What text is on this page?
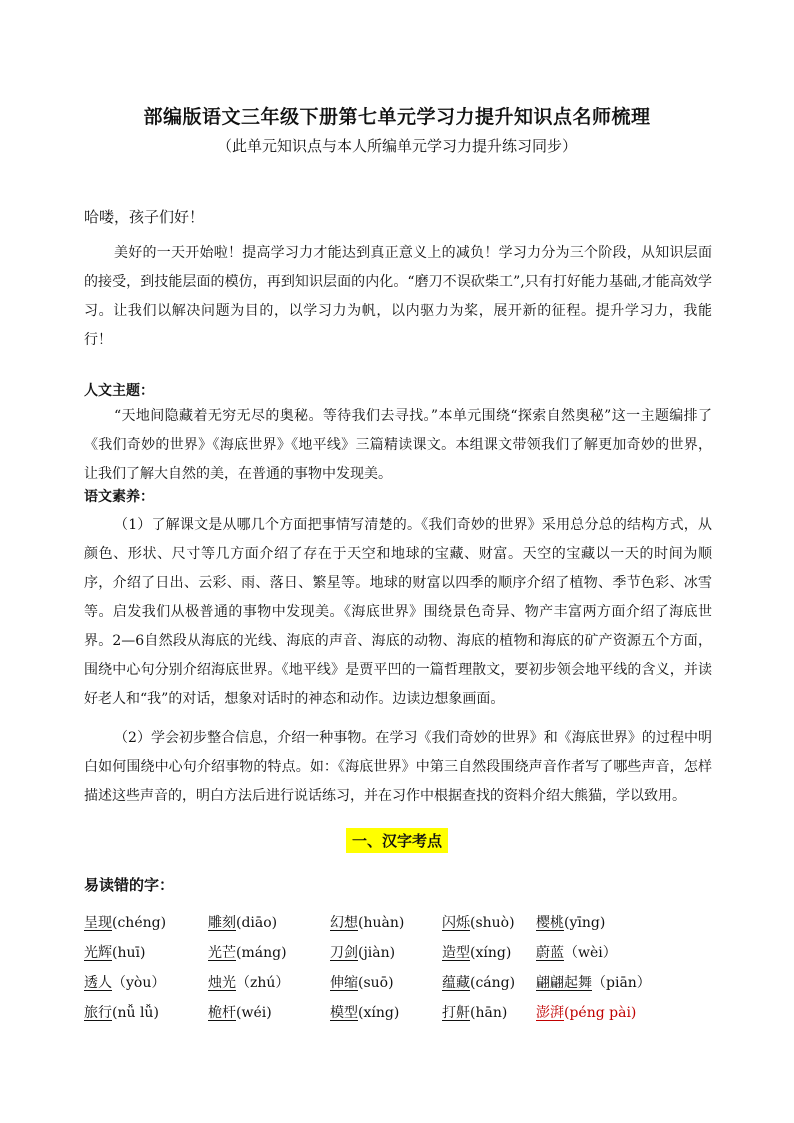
部编版语文三年级下册第七单元学习力提升知识点名师梳理
（此单元知识点与本人所编单元学习力提升练习同步）
哈喽，孩子们好！

美好的一天开始啦！提高学习力才能达到真正意义上的减负！学习力分为三个阶段，从知识层面的接受，到技能层面的模仿，再到知识层面的内化。“磨刀不误砍柴工”,只有打好能力基础,才能高效学习。让我们以解决问题为目的，以学习力为帆，以内驱力为桨，展开新的征程。提升学习力，我能行！

人文主题：

“天地间隐藏着无穷无尽的奥秘。等待我们去寻找。”本单元围绕“探索自然奥秘”这一主题编排了《我们奇妙的世界》《海底世界》《地平线》三篇精读课文。本组课文带领我们了解更加奇妙的世界，让我们了解大自然的美，在普通的事物中发现美。

语文素养：

（1）了解课文是从哪几个方面把事情写清楚的。《我们奇妙的世界》采用总分总的结构方式，从颜色、形状、尺寸等几方面介绍了存在于天空和地球的宝藏、财富。天空的宝藏以一天的时间为顺序，介绍了日出、云彩、雨、落日、繁星等。地球的财富以四季的顺序介绍了植物、季节色彩、冰雪等。启发我们从极普通的事物中发现美。《海底世界》围绕景色奇异、物产丰富两方面介绍了海底世界。2—6自然段从海底的光线、海底的声音、海底的动物、海底的植物和海底的矿产资源五个方面，围绕中心句分别介绍海底世界。《地平线》是贾平凹的一篇哲理散文，要初步领会地平线的含义，并读好老人和“我”的对话，想象对话时的神态和动作。边读边想象画面。

（2）学会初步整合信息，介绍一种事物。在学习《我们奇妙的世界》和《海底世界》的过程中明白如何围绕中心句介绍事物的特点。如：《海底世界》中第三自然段围绕声音作者写了哪些声音，怎样描述这些声音的，明白方法后进行说话练习，并在习作中根据查找的资料介绍大熊猫，学以致用。

一、汉字考点
易读错的字：
呈现(chéng)	雕刻(diāo)	幻想(huàn)	闪烁(shuò) 樱桃(yīng)
光辉(huī)	光芒(máng)	刀剑(jiàn)	造型(xíng) 蔚蓝（wèi）
透人（yòu）	烛光（zhú）	伸缩(suō)	蕴藏(cáng) 翩翩起舞（piān）
旅行(nǚ lǚ)	桅杆(wéi)	模型(xíng)	打鼾(hān) 澎湃(péng pài)
